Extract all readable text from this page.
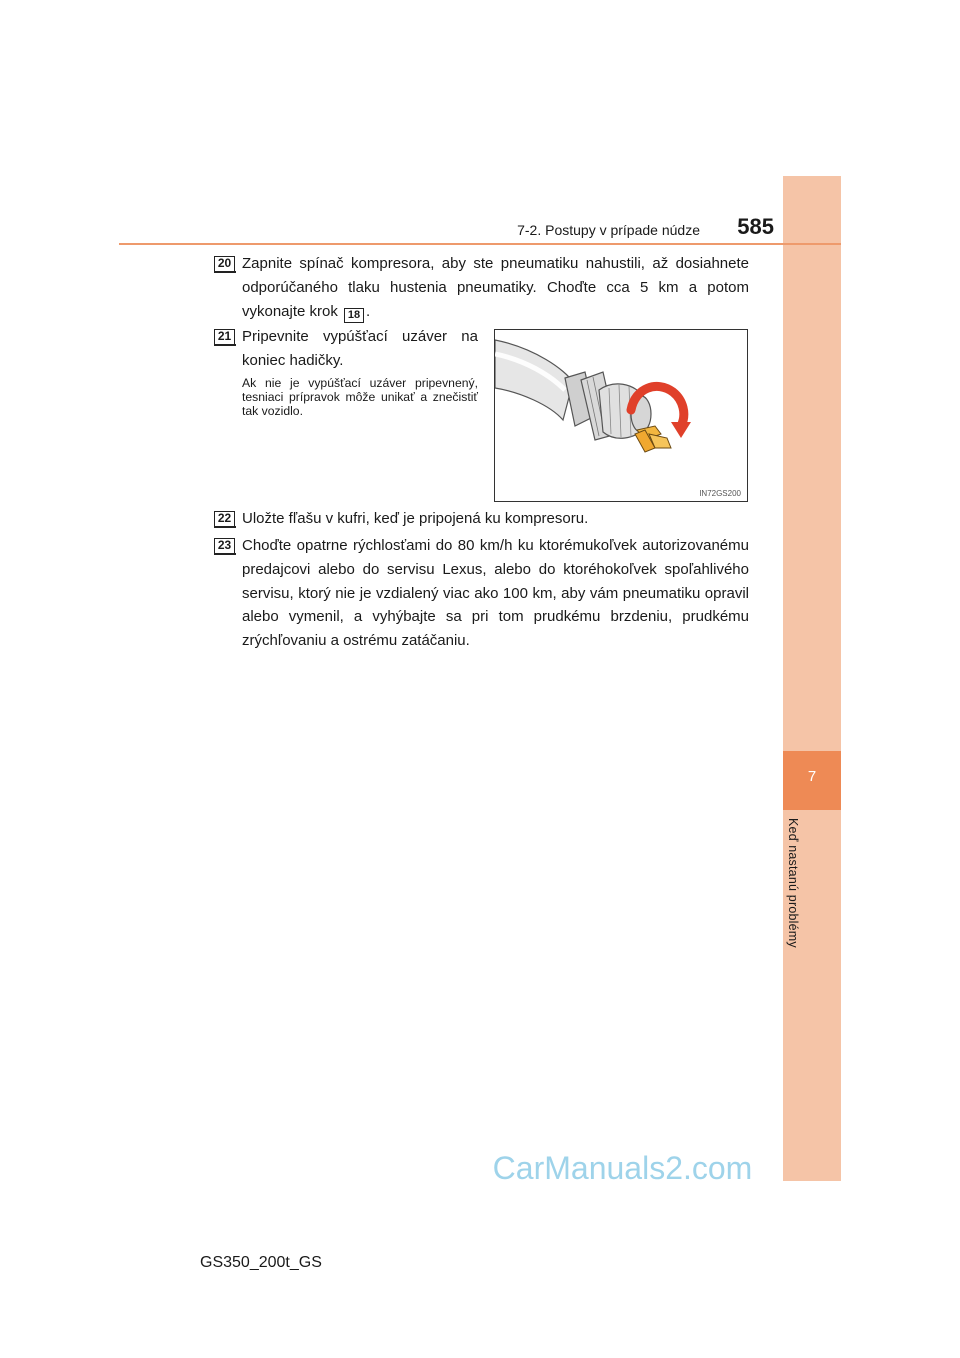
7
Keď nastanú problémy
7-2. Postupy v prípade núdze	585
20 Zapnite spínač kompresora, aby ste pneumatiku nahustili, až dosiahnete odporúčaného tlaku hustenia pneumatiky. Choďte cca 5 km a potom vykonajte krok 18 .
21 Pripevnite vypúšťací uzáver na koniec hadičky.
Ak nie je vypúšťací uzáver pripevnený, tesniaci prípravok môže unikať a znečistiť tak vozidlo.
IN72GS200
22 Uložte fľašu v kufri, keď je pripojená ku kompresoru.
23 Choďte opatrne rýchlosťami do 80 km/h ku ktorémukoľvek autorizovanému predajcovi alebo do servisu Lexus, alebo do ktoréhokoľvek spoľahlivého servisu, ktorý nie je vzdialený viac ako 100 km, aby vám pneumatiku opravil alebo vymenil, a vyhýbajte sa pri tom prudkému brzdeniu, prudkému zrýchľovaniu a ostrému zatáčaniu.
CarManuals2.com
GS350_200t_GS
